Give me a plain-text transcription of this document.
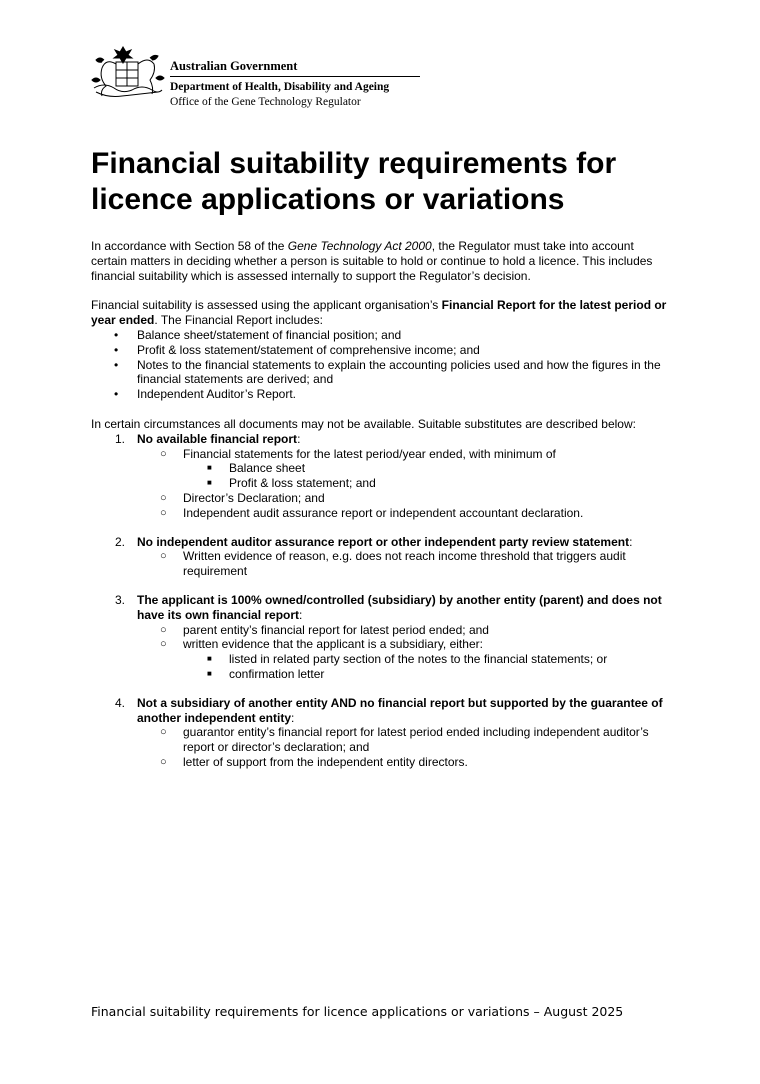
Australian Government
Department of Health, Disability and Ageing
Office of the Gene Technology Regulator
Financial suitability requirements for licence applications or variations

In accordance with Section 58 of the Gene Technology Act 2000, the Regulator must take into account certain matters in deciding whether a person is suitable to hold or continue to hold a licence. This includes financial suitability which is assessed internally to support the Regulator’s decision.

Financial suitability is assessed using the applicant organisation’s Financial Report for the latest period or year ended. The Financial Report includes:

• Balance sheet/statement of financial position; and
• Profit & loss statement/statement of comprehensive income; and
• Notes to the financial statements to explain the accounting policies used and how the figures in the financial statements are derived; and
• Independent Auditor’s Report.

In certain circumstances all documents may not be available. Suitable substitutes are described below:

1. No available financial report:
○ Financial statements for the latest period/year ended, with minimum of
■ Balance sheet
■ Profit & loss statement; and
○ Director’s Declaration; and
○ Independent audit assurance report or independent accountant declaration.
2. No independent auditor assurance report or other independent party review statement:
○ Written evidence of reason, e.g. does not reach income threshold that triggers audit requirement
3. The applicant is 100% owned/controlled (subsidiary) by another entity (parent) and does not have its own financial report:
○ parent entity’s financial report for latest period ended; and
○ written evidence that the applicant is a subsidiary, either:
■ listed in related party section of the notes to the financial statements; or
■ confirmation letter
4. Not a subsidiary of another entity AND no financial report but supported by the guarantee of another independent entity:
○ guarantor entity’s financial report for latest period ended including independent auditor’s report or director’s declaration; and
○ letter of support from the independent entity directors.
Financial suitability requirements for licence applications or variations – August 2025
